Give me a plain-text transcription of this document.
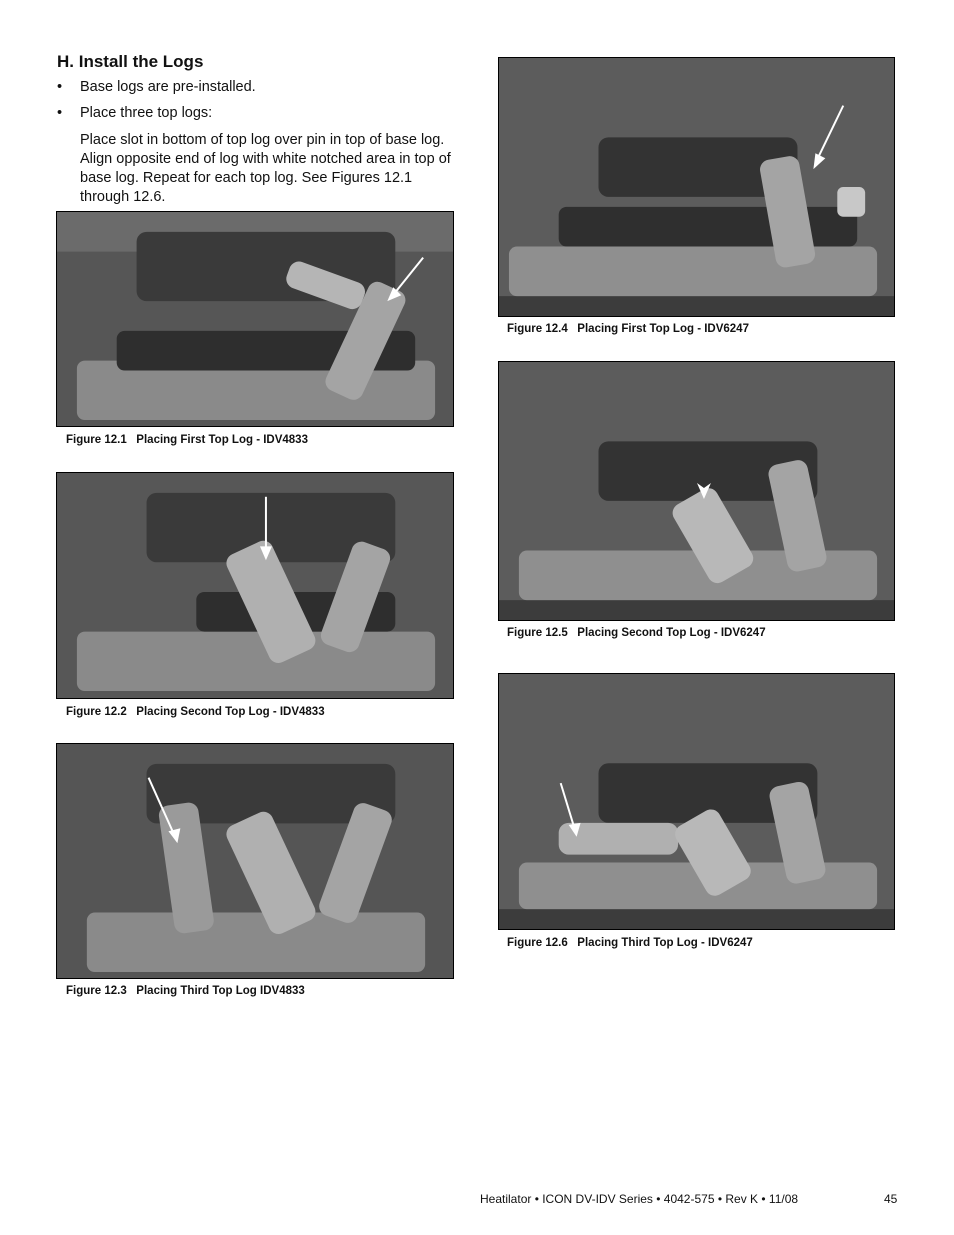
H. Install the Logs
• Base logs are pre-installed.
• Place three top logs:

Place slot in bottom of top log over pin in top of base log. Align opposite end of log with white notched area in top of base log. Repeat for each top log. See Figures 12.1 through 12.6.

Figure 12.1   Placing First Top Log - IDV4833
Figure 12.2   Placing Second Top Log - IDV4833
Figure 12.3   Placing Third Top Log IDV4833
Figure 12.4   Placing First Top Log - IDV6247
Figure 12.5   Placing Second Top Log - IDV6247
Figure 12.6   Placing Third Top Log - IDV6247
Heatilator • ICON DV-IDV Series • 4042-575 • Rev K • 11/08	45
